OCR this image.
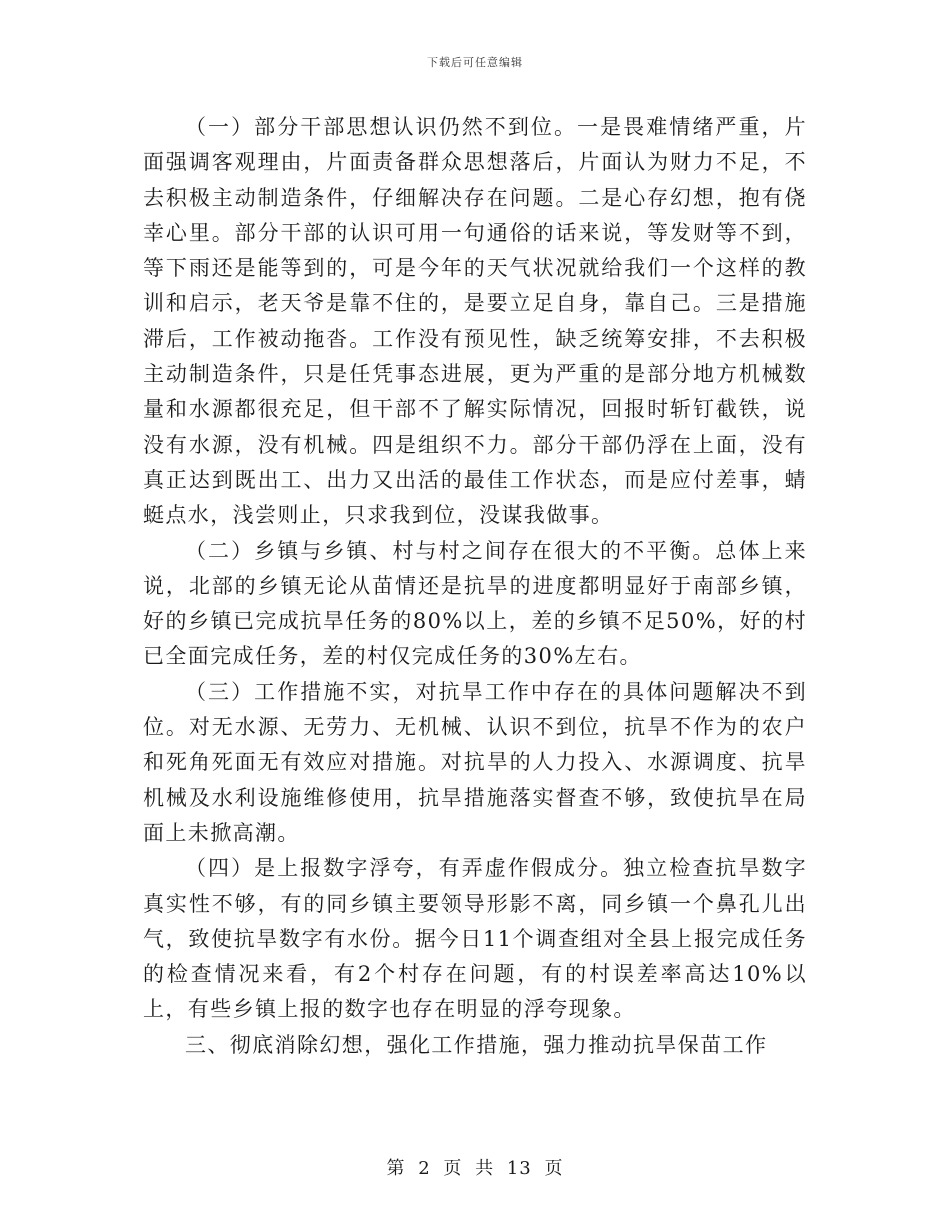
下载后可任意编辑

（一）部分干部思想认识仍然不到位。一是畏难情绪严重，片面强调客观理由，片面责备群众思想落后，片面认为财力不足，不去积极主动制造条件，仔细解决存在问题。二是心存幻想，抱有侥幸心里。部分干部的认识可用一句通俗的话来说，等发财等不到，等下雨还是能等到的，可是今年的天气状况就给我们一个这样的教训和启示，老天爷是靠不住的，是要立足自身，靠自己。三是措施滞后，工作被动拖沓。工作没有预见性，缺乏统筹安排，不去积极主动制造条件，只是任凭事态进展，更为严重的是部分地方机械数量和水源都很充足，但干部不了解实际情况，回报时斩钉截铁，说没有水源，没有机械。四是组织不力。部分干部仍浮在上面，没有真正达到既出工、出力又出活的最佳工作状态，而是应付差事，蜻蜓点水，浅尝则止，只求我到位，没谋我做事。

（二）乡镇与乡镇、村与村之间存在很大的不平衡。总体上来说，北部的乡镇无论从苗情还是抗旱的进度都明显好于南部乡镇，好的乡镇已完成抗旱任务的80%以上，差的乡镇不足50%，好的村已全面完成任务，差的村仅完成任务的30%左右。

（三）工作措施不实，对抗旱工作中存在的具体问题解决不到位。对无水源、无劳力、无机械、认识不到位，抗旱不作为的农户和死角死面无有效应对措施。对抗旱的人力投入、水源调度、抗旱机械及水利设施维修使用，抗旱措施落实督查不够，致使抗旱在局面上未掀高潮。

（四）是上报数字浮夸，有弄虚作假成分。独立检查抗旱数字真实性不够，有的同乡镇主要领导形影不离，同乡镇一个鼻孔儿出气，致使抗旱数字有水份。据今日11个调查组对全县上报完成任务的检查情况来看，有2个村存在问题，有的村误差率高达10%以上，有些乡镇上报的数字也存在明显的浮夸现象。

三、彻底消除幻想，强化工作措施，强力推动抗旱保苗工作

第 2 页 共 13 页
